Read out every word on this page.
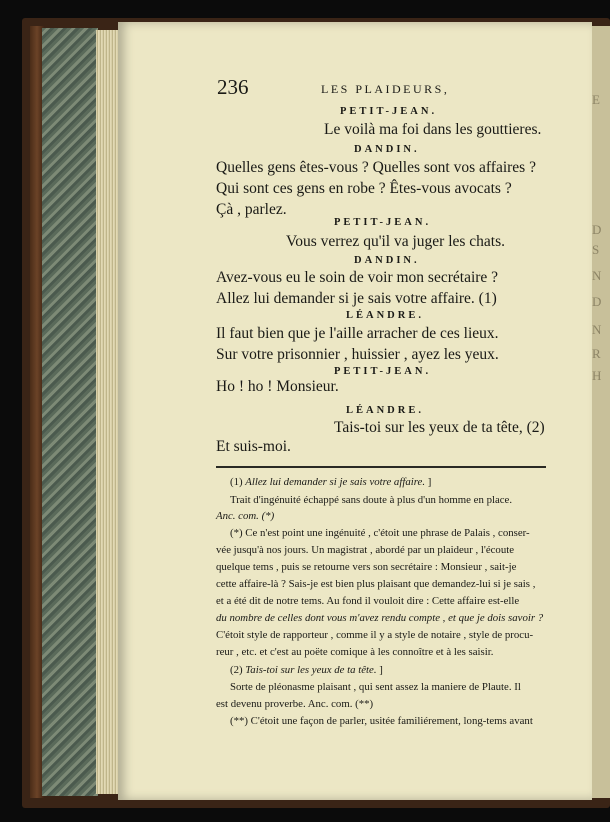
E
D
S
N
D
N
R
H
236	LES PLAIDEURS,
PETIT-JEAN.
Le voilà ma foi dans les gouttieres.
DANDIN.
Quelles gens êtes-vous ? Quelles sont vos affaires ?
Qui sont ces gens en robe ? Êtes-vous avocats ?
Çà , parlez.
PETIT-JEAN.
Vous verrez qu'il va juger les chats.
DANDIN.
Avez-vous eu le soin de voir mon secrétaire ?
Allez lui demander si je sais votre affaire. (1)
LÉANDRE.
Il faut bien que je l'aille arracher de ces lieux.
Sur votre prisonnier , huissier , ayez les yeux.
PETIT-JEAN.
Ho ! ho ! Monsieur.
LÉANDRE.
Tais-toi sur les yeux de ta tête, (2)
Et suis-moi.
(1) Allez lui demander si je sais votre affaire. ]
Trait d'ingénuité échappé sans doute à plus d'un homme en place.
Anc. com. (*)
(*) Ce n'est point une ingénuité , c'étoit une phrase de Palais , conser-
vée jusqu'à nos jours. Un magistrat , abordé par un plaideur , l'écoute
quelque tems , puis se retourne vers son secrétaire : Monsieur , sait-je
cette affaire-là ? Sais-je est bien plus plaisant que demandez-lui si je sais ,
et a été dit de notre tems. Au fond il vouloit dire : Cette affaire est-elle
du nombre de celles dont vous m'avez rendu compte , et que je dois savoir ?
C'étoit style de rapporteur , comme il y a style de notaire , style de procu-
reur , etc. et c'est au poëte comique à les connoître et à les saisir.
(2) Tais-toi sur les yeux de ta tête. ]
Sorte de pléonasme plaisant , qui sent assez la maniere de Plaute. Il
est devenu proverbe. Anc. com. (**)
(**) C'étoit une façon de parler, usitée familiérement, long-tems avant
